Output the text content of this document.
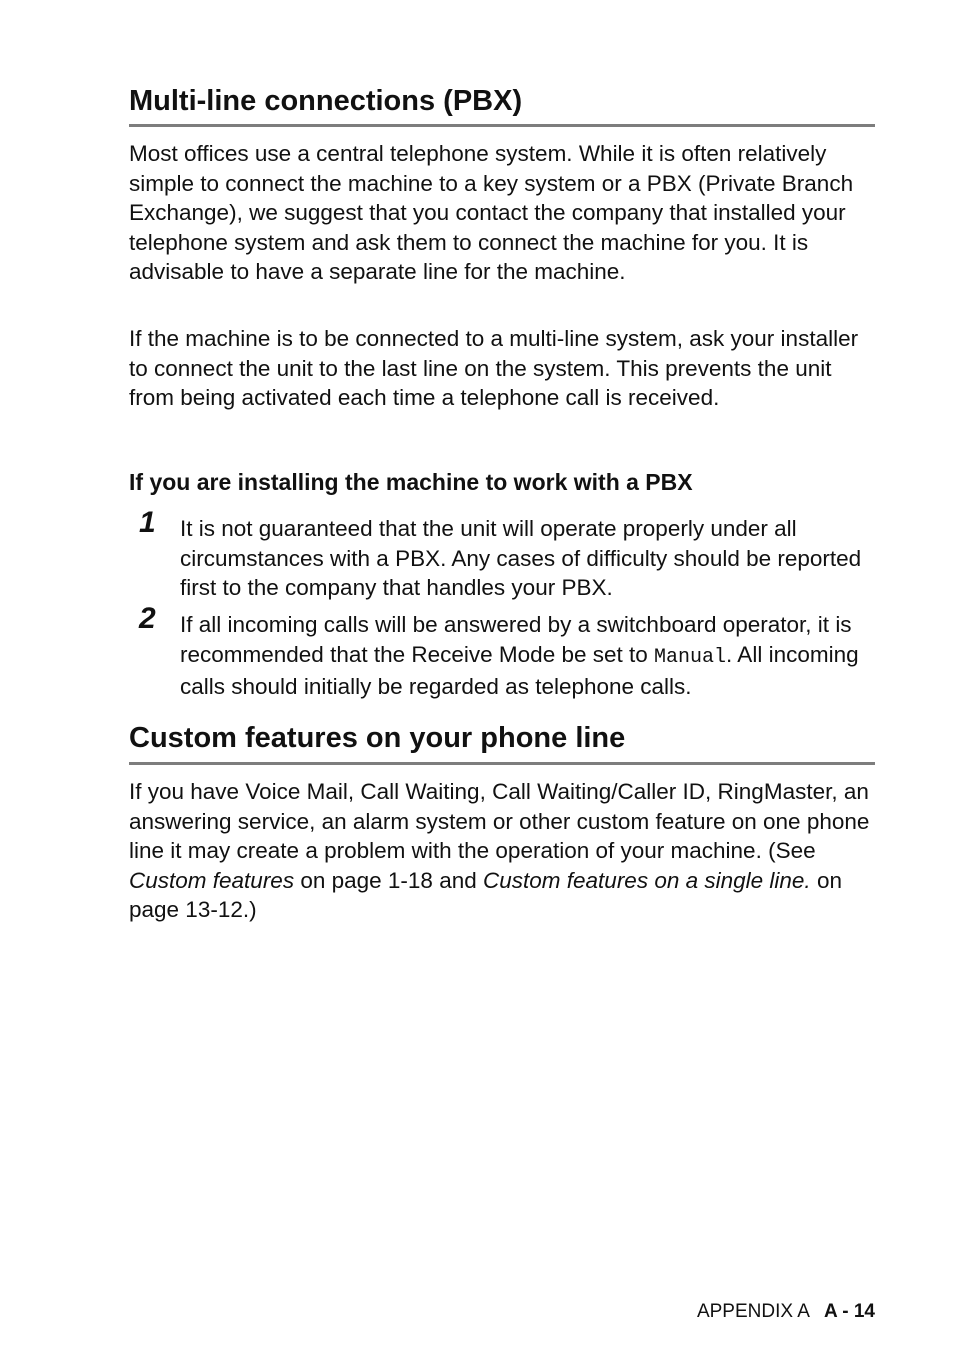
Multi-line connections (PBX)

Most offices use a central telephone system. While it is often relatively simple to connect the machine to a key system or a PBX (Private Branch Exchange), we suggest that you contact the company that installed your telephone system and ask them to connect the machine for you. It is advisable to have a separate line for the machine.

If the machine is to be connected to a multi-line system, ask your installer to connect the unit to the last line on the system. This prevents the unit from being activated each time a telephone call is received.

If you are installing the machine to work with a PBX
1 It is not guaranteed that the unit will operate properly under all circumstances with a PBX. Any cases of difficulty should be reported first to the company that handles your PBX.

2 If all incoming calls will be answered by a switchboard operator, it is recommended that the Receive Mode be set to Manual. All incoming calls should initially be regarded as telephone calls.

Custom features on your phone line

If you have Voice Mail, Call Waiting, Call Waiting/Caller ID, RingMaster, an answering service, an alarm system or other custom feature on one phone line it may create a problem with the operation of your machine. (See Custom features on page 1-18 and Custom features on a single line. on page 13-12.)

APPENDIX A A - 14
